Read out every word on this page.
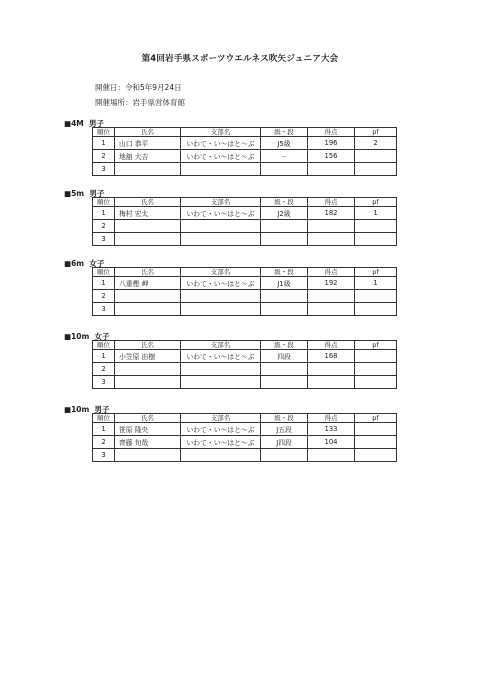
第4回岩手県スポーツウエルネス吹矢ジュニア大会
開催日：令和5年9月24日
開催場所：岩手県営体育館
■4M  男子
順位	氏名	支部名	級・段	得点	pf
1	山口 恭平	いわて・い～はと～ぶ	J5級	196	2
2	地舘 大吉	いわて・い～はと～ぶ	－	156	
3					
■5m  男子
順位	氏名	支部名	級・段	得点	pf
1	梅村 宏太	いわて・い～はと～ぶ	J2級	182	1
2					
3					
■6m  女子
順位	氏名	支部名	級・段	得点	pf
1	八重樫 岬	いわて・い～はと～ぶ	J1級	192	1
2					
3					
■10m  女子
順位	氏名	支部名	級・段	得点	pf
1	小笠原 由樹	いわて・い～はと～ぶ	四段	168	
2					
3					
■10m  男子
順位	氏名	支部名	級・段	得点	pf
1	笹原 隆央	いわて・い～はと～ぶ	J五段	133	
2	齊藤 旬哉	いわて・い～はと～ぶ	J四段	104	
3					
